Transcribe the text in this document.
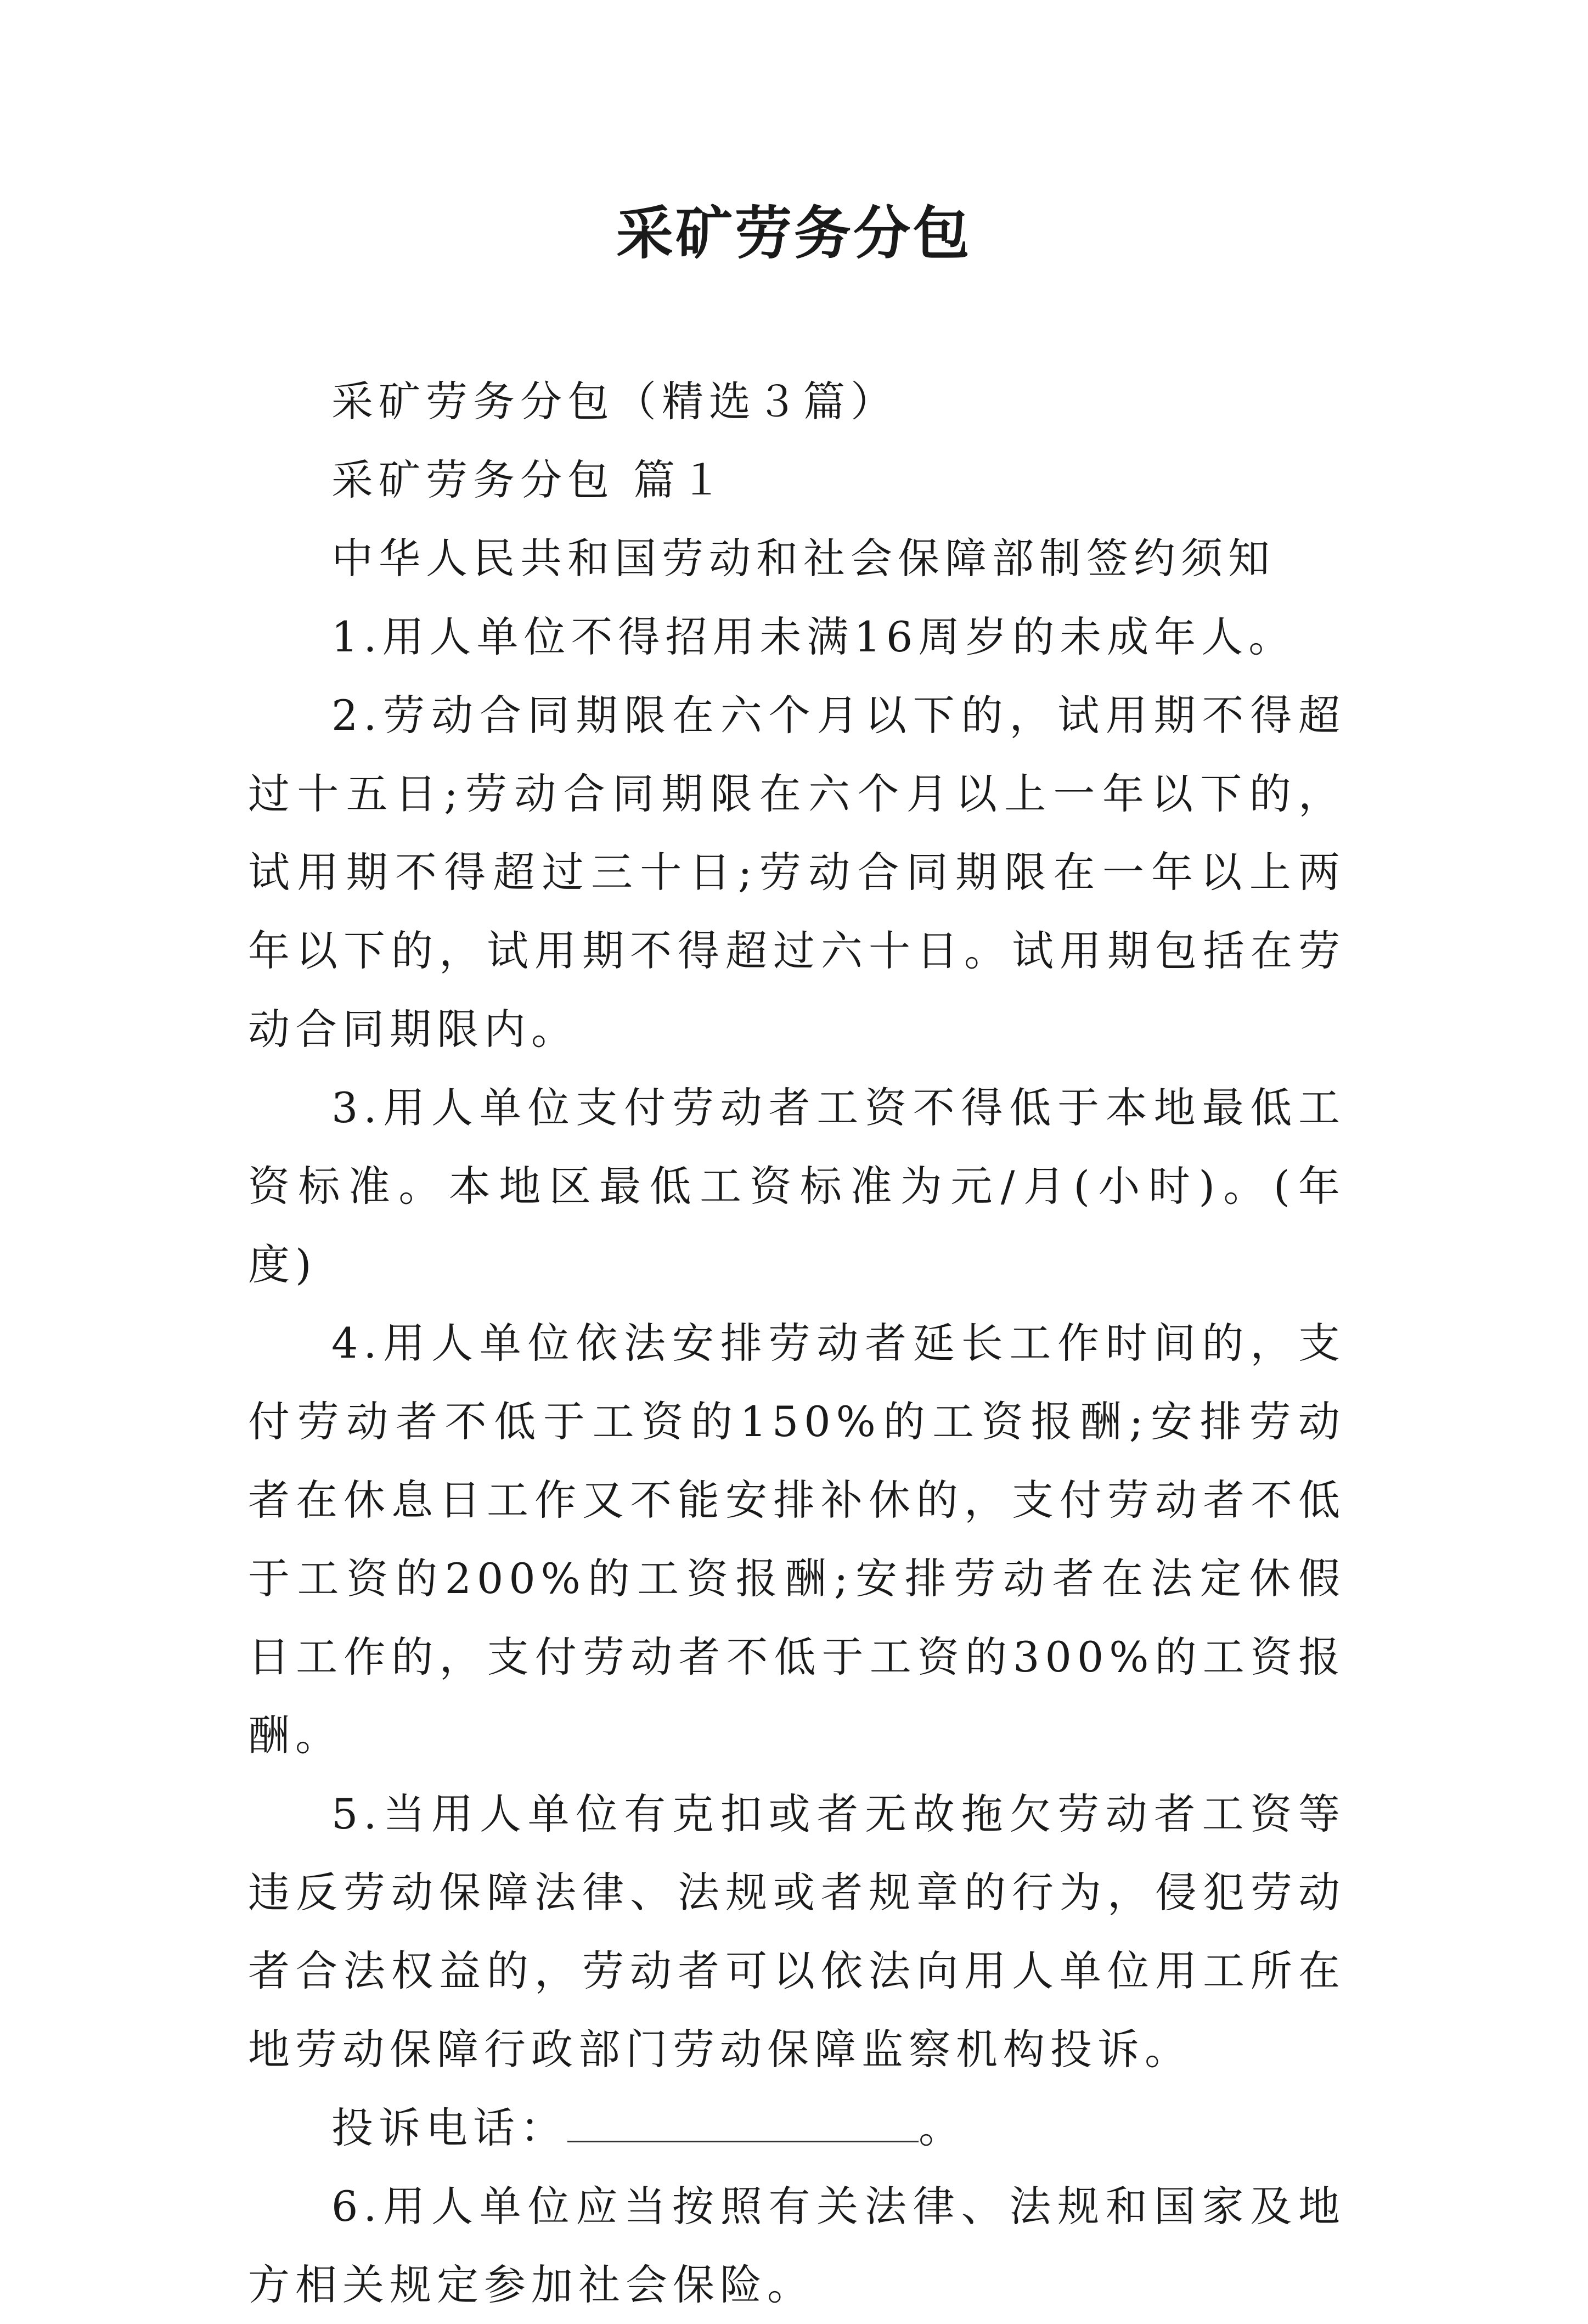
采矿劳务分包

采矿劳务分包（精选３篇）

采矿劳务分包 篇１

中华人民共和国劳动和社会保障部制签约须知

1.用人单位不得招用未满16周岁的未成年人。

2.劳动合同期限在六个月以下的，试用期不得超过十五日;劳动合同期限在六个月以上一年以下的，试用期不得超过三十日;劳动合同期限在一年以上两年以下的，试用期不得超过六十日。试用期包括在劳动合同期限内。

3.用人单位支付劳动者工资不得低于本地最低工资标准。本地区最低工资标准为元/月(小时)。(年度)

4.用人单位依法安排劳动者延长工作时间的，支付劳动者不低于工资的150%的工资报酬;安排劳动者在休息日工作又不能安排补休的，支付劳动者不低于工资的200%的工资报酬;安排劳动者在法定休假日工作的，支付劳动者不低于工资的300%的工资报酬。

5.当用人单位有克扣或者无故拖欠劳动者工资等违反劳动保障法律、法规或者规章的行为，侵犯劳动者合法权益的，劳动者可以依法向用人单位用工所在地劳动保障行政部门劳动保障监察机构投诉。

投诉电话：	。

6.用人单位应当按照有关法律、法规和国家及地方相关规定参加社会保险。
